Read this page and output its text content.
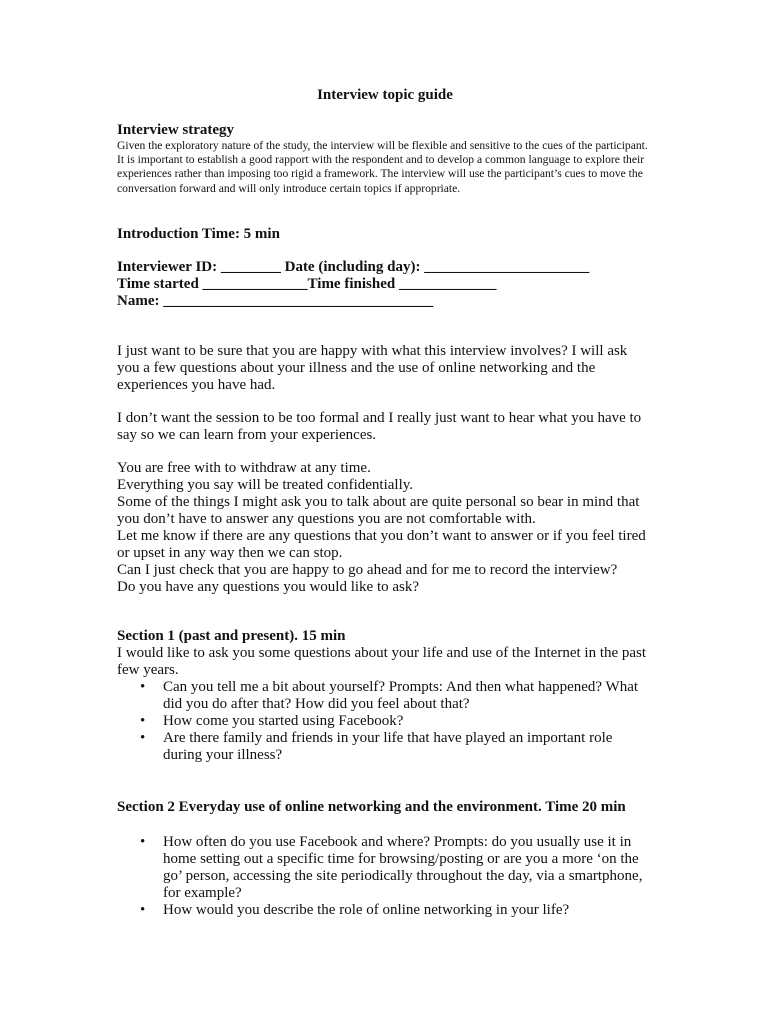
Interview topic guide
Interview strategy
Given the exploratory nature of the study, the interview will be flexible and sensitive to the cues of the participant. It is important to establish a good rapport with the respondent and to develop a common language to explore their experiences rather than imposing too rigid a framework. The interview will use the participant’s cues to move the conversation forward and will only introduce certain topics if appropriate.
Introduction Time: 5 min
Interviewer ID: ________ Date (including day): ______________________
Time started ______________Time finished _____________
Name: ____________________________________
I just want to be sure that you are happy with what this interview involves? I will ask you a few questions about your illness and the use of online networking and the experiences you have had.
I don’t want the session to be too formal and I really just want to hear what you have to say so we can learn from your experiences.
You are free with to withdraw at any time.
Everything you say will be treated confidentially.
Some of the things I might ask you to talk about are quite personal so bear in mind that you don’t have to answer any questions you are not comfortable with.
Let me know if there are any questions that you don’t want to answer or if you feel tired or upset in any way then we can stop.
Can I just check that you are happy to go ahead and for me to record the interview?
Do you have any questions you would like to ask?
Section 1 (past and present). 15 min
I would like to ask you some questions about your life and use of the Internet in the past few years.
• Can you tell me a bit about yourself? Prompts: And then what happened? What did you do after that? How did you feel about that?
• How come you started using Facebook?
• Are there family and friends in your life that have played an important role during your illness?
Section 2 Everyday use of online networking and the environment. Time 20 min
• How often do you use Facebook and where? Prompts: do you usually use it in home setting out a specific time for browsing/posting or are you a more ‘on the go’ person, accessing the site periodically throughout the day, via a smartphone, for example?
• How would you describe the role of online networking in your life?
